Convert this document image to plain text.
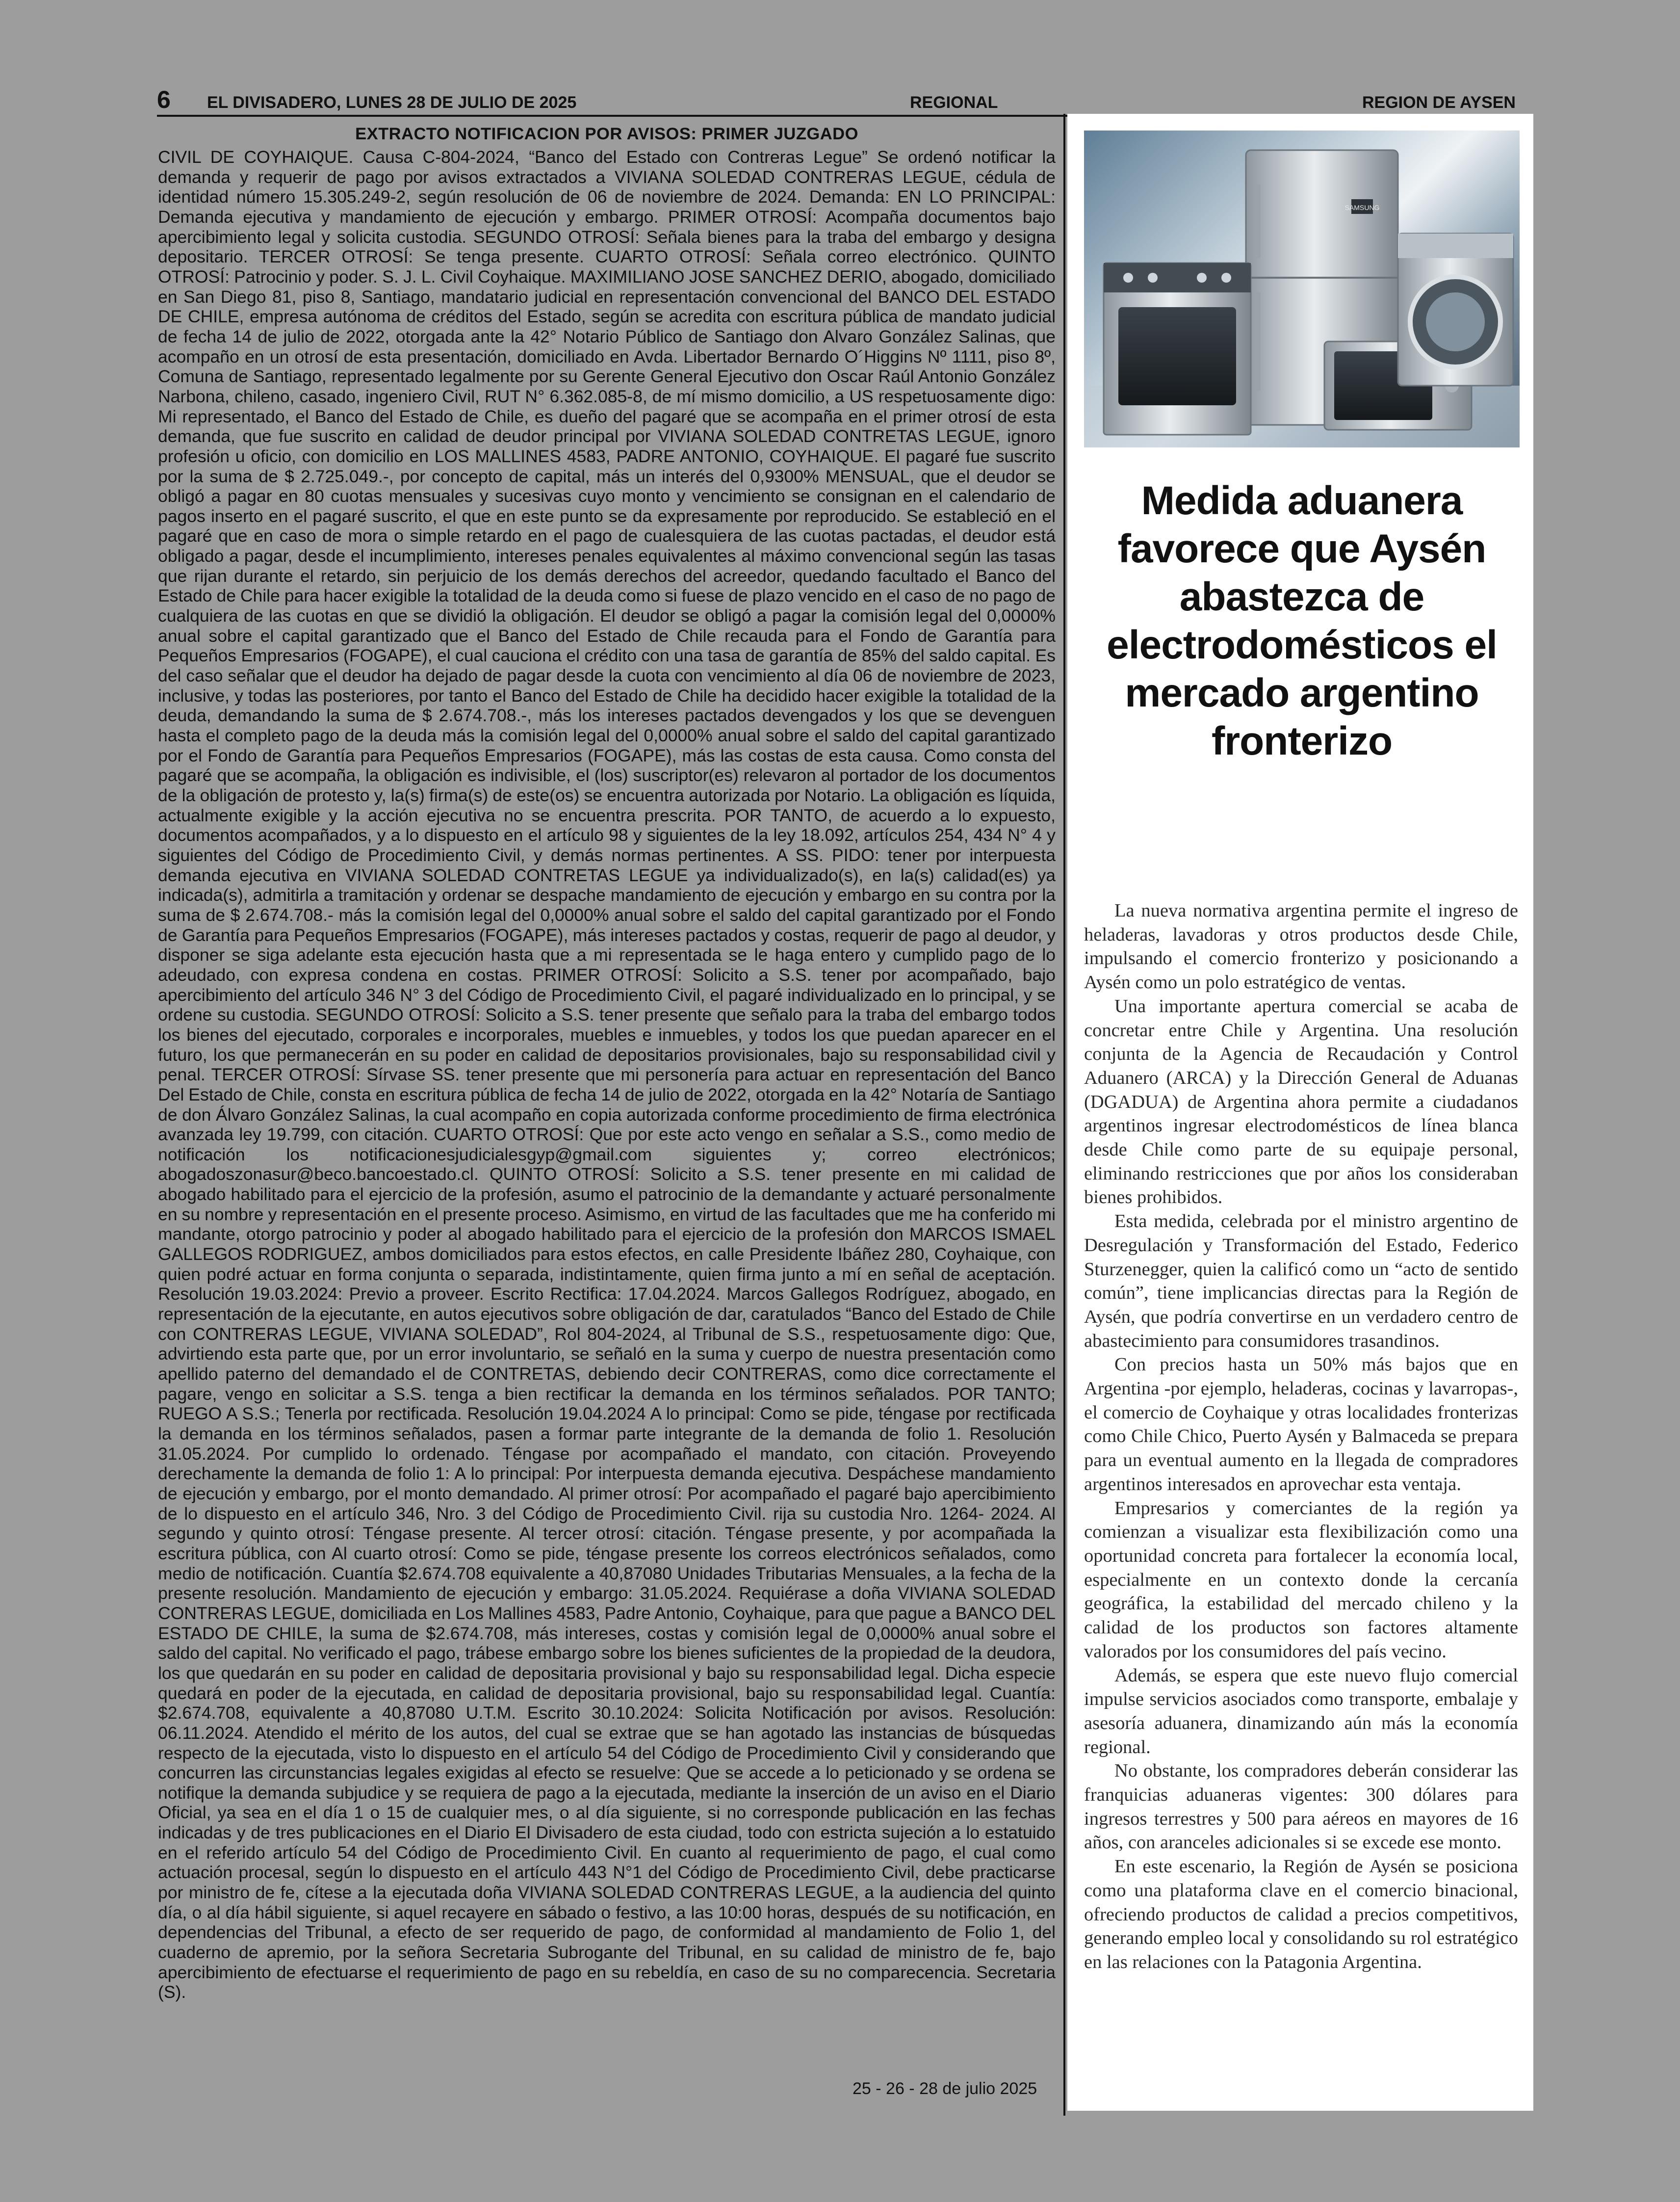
6 EL DIVISADERO, LUNES 28 DE JULIO DE 2025	REGIONAL	REGION DE AYSEN

EXTRACTO NOTIFICACION POR AVISOS: PRIMER JUZGADO

CIVIL DE COYHAIQUE. Causa C-804-2024, “Banco del Estado con Contreras Legue” Se ordenó notificar la demanda y requerir de pago por avisos extractados a VIVIANA SOLEDAD CONTRERAS LEGUE, cédula de identidad número 15.305.249-2, según resolución de 06 de noviembre de 2024. Demanda: EN LO PRINCIPAL: Demanda ejecutiva y mandamiento de ejecución y embargo. PRIMER OTROSÍ: Acompaña documentos bajo apercibimiento legal y solicita custodia. SEGUNDO OTROSÍ: Señala bienes para la traba del embargo y designa depositario. TERCER OTROSÍ: Se tenga presente. CUARTO OTROSÍ: Señala correo electrónico. QUINTO OTROSÍ: Patrocinio y poder. S. J. L. Civil Coyhaique. MAXIMILIANO JOSE SANCHEZ DERIO, abogado, domiciliado en San Diego 81, piso 8, Santiago, mandatario judicial en representación convencional del BANCO DEL ESTADO DE CHILE, empresa autónoma de créditos del Estado, según se acredita con escritura pública de mandato judicial de fecha 14 de julio de 2022, otorgada ante la 42° Notario Público de Santiago don Alvaro González Salinas, que acompaño en un otrosí de esta presentación, domiciliado en Avda. Libertador Bernardo O´Higgins Nº 1111, piso 8º, Comuna de Santiago, representado legalmente por su Gerente General Ejecutivo don Oscar Raúl Antonio González Narbona, chileno, casado, ingeniero Civil, RUT N° 6.362.085-8, de mí mismo domicilio, a US respetuosamente digo: Mi representado, el Banco del Estado de Chile, es dueño del pagaré que se acompaña en el primer otrosí de esta demanda, que fue suscrito en calidad de deudor principal por VIVIANA SOLEDAD CONTRETAS LEGUE, ignoro profesión u oficio, con domicilio en LOS MALLINES 4583, PADRE ANTONIO, COYHAIQUE. El pagaré fue suscrito por la suma de $ 2.725.049.-, por concepto de capital, más un interés del 0,9300% MENSUAL, que el deudor se obligó a pagar en 80 cuotas mensuales y sucesivas cuyo monto y vencimiento se consignan en el calendario de pagos inserto en el pagaré suscrito, el que en este punto se da expresamente por reproducido. Se estableció en el pagaré que en caso de mora o simple retardo en el pago de cualesquiera de las cuotas pactadas, el deudor está obligado a pagar, desde el incumplimiento, intereses penales equivalentes al máximo convencional según las tasas que rijan durante el retardo, sin perjuicio de los demás derechos del acreedor, quedando facultado el Banco del Estado de Chile para hacer exigible la totalidad de la deuda como si fuese de plazo vencido en el caso de no pago de cualquiera de las cuotas en que se dividió la obligación. El deudor se obligó a pagar la comisión legal del 0,0000% anual sobre el capital garantizado que el Banco del Estado de Chile recauda para el Fondo de Garantía para Pequeños Empresarios (FOGAPE), el cual cauciona el crédito con una tasa de garantía de 85% del saldo capital. Es del caso señalar que el deudor ha dejado de pagar desde la cuota con vencimiento al día 06 de noviembre de 2023, inclusive, y todas las posteriores, por tanto el Banco del Estado de Chile ha decidido hacer exigible la totalidad de la deuda, demandando la suma de $ 2.674.708.-, más los intereses pactados devengados y los que se devenguen hasta el completo pago de la deuda más la comisión legal del 0,0000% anual sobre el saldo del capital garantizado por el Fondo de Garantía para Pequeños Empresarios (FOGAPE), más las costas de esta causa. Como consta del pagaré que se acompaña, la obligación es indivisible, el (los) suscriptor(es) relevaron al portador de los documentos de la obligación de protesto y, la(s) firma(s) de este(os) se encuentra autorizada por Notario. La obligación es líquida, actualmente exigible y la acción ejecutiva no se encuentra prescrita. POR TANTO, de acuerdo a lo expuesto, documentos acompañados, y a lo dispuesto en el artículo 98 y siguientes de la ley 18.092, artículos 254, 434 N° 4 y siguientes del Código de Procedimiento Civil, y demás normas pertinentes. A SS. PIDO: tener por interpuesta demanda ejecutiva en VIVIANA SOLEDAD CONTRETAS LEGUE ya individualizado(s), en la(s) calidad(es) ya indicada(s), admitirla a tramitación y ordenar se despache mandamiento de ejecución y embargo en su contra por la suma de $ 2.674.708.- más la comisión legal del 0,0000% anual sobre el saldo del capital garantizado por el Fondo de Garantía para Pequeños Empresarios (FOGAPE), más intereses pactados y costas, requerir de pago al deudor, y disponer se siga adelante esta ejecución hasta que a mi representada se le haga entero y cumplido pago de lo adeudado, con expresa condena en costas. PRIMER OTROSÍ: Solicito a S.S. tener por acompañado, bajo apercibimiento del artículo 346 N° 3 del Código de Procedimiento Civil, el pagaré individualizado en lo principal, y se ordene su custodia. SEGUNDO OTROSÍ: Solicito a S.S. tener presente que señalo para la traba del embargo todos los bienes del ejecutado, corporales e incorporales, muebles e inmuebles, y todos los que puedan aparecer en el futuro, los que permanecerán en su poder en calidad de depositarios provisionales, bajo su responsabilidad civil y penal. TERCER OTROSÍ: Sírvase SS. tener presente que mi personería para actuar en representación del Banco Del Estado de Chile, consta en escritura pública de fecha 14 de julio de 2022, otorgada en la 42° Notaría de Santiago de don Álvaro González Salinas, la cual acompaño en copia autorizada conforme procedimiento de firma electrónica avanzada ley 19.799, con citación. CUARTO OTROSÍ: Que por este acto vengo en señalar a S.S., como medio de notificación los notificacionesjudicialesgyp@gmail.com siguientes y; correo electrónicos; abogadoszonasur@beco.bancoestado.cl. QUINTO OTROSÍ: Solicito a S.S. tener presente en mi calidad de abogado habilitado para el ejercicio de la profesión, asumo el patrocinio de la demandante y actuaré personalmente en su nombre y representación en el presente proceso. Asimismo, en virtud de las facultades que me ha conferido mi mandante, otorgo patrocinio y poder al abogado habilitado para el ejercicio de la profesión don MARCOS ISMAEL GALLEGOS RODRIGUEZ, ambos domiciliados para estos efectos, en calle Presidente Ibáñez 280, Coyhaique, con quien podré actuar en forma conjunta o separada, indistintamente, quien firma junto a mí en señal de aceptación. Resolución 19.03.2024: Previo a proveer. Escrito Rectifica: 17.04.2024. Marcos Gallegos Rodríguez, abogado, en representación de la ejecutante, en autos ejecutivos sobre obligación de dar, caratulados “Banco del Estado de Chile con CONTRERAS LEGUE, VIVIANA SOLEDAD”, Rol 804-2024, al Tribunal de S.S., respetuosamente digo: Que, advirtiendo esta parte que, por un error involuntario, se señaló en la suma y cuerpo de nuestra presentación como apellido paterno del demandado el de CONTRETAS, debiendo decir CONTRERAS, como dice correctamente el pagare, vengo en solicitar a S.S. tenga a bien rectificar la demanda en los términos señalados. POR TANTO; RUEGO A S.S.; Tenerla por rectificada. Resolución 19.04.2024 A lo principal: Como se pide, téngase por rectificada la demanda en los términos señalados, pasen a formar parte integrante de la demanda de folio 1. Resolución 31.05.2024. Por cumplido lo ordenado. Téngase por acompañado el mandato, con citación. Proveyendo derechamente la demanda de folio 1: A lo principal: Por interpuesta demanda ejecutiva. Despáchese mandamiento de ejecución y embargo, por el monto demandado. Al primer otrosí: Por acompañado el pagaré bajo apercibimiento de lo dispuesto en el artículo 346, Nro. 3 del Código de Procedimiento Civil. rija su custodia Nro. 1264- 2024. Al segundo y quinto otrosí: Téngase presente. Al tercer otrosí: citación. Téngase presente, y por acompañada la escritura pública, con Al cuarto otrosí: Como se pide, téngase presente los correos electrónicos señalados, como medio de notificación. Cuantía $2.674.708 equivalente a 40,87080 Unidades Tributarias Mensuales, a la fecha de la presente resolución. Mandamiento de ejecución y embargo: 31.05.2024. Requiérase a doña VIVIANA SOLEDAD CONTRERAS LEGUE, domiciliada en Los Mallines 4583, Padre Antonio, Coyhaique, para que pague a BANCO DEL ESTADO DE CHILE, la suma de $2.674.708, más intereses, costas y comisión legal de 0,0000% anual sobre el saldo del capital. No verificado el pago, trábese embargo sobre los bienes suficientes de la propiedad de la deudora, los que quedarán en su poder en calidad de depositaria provisional y bajo su responsabilidad legal. Dicha especie quedará en poder de la ejecutada, en calidad de depositaria provisional, bajo su responsabilidad legal. Cuantía: $2.674.708, equivalente a 40,87080 U.T.M. Escrito 30.10.2024: Solicita Notificación por avisos. Resolución: 06.11.2024. Atendido el mérito de los autos, del cual se extrae que se han agotado las instancias de búsquedas respecto de la ejecutada, visto lo dispuesto en el artículo 54 del Código de Procedimiento Civil y considerando que concurren las circunstancias legales exigidas al efecto se resuelve: Que se accede a lo peticionado y se ordena se notifique la demanda subjudice y se requiera de pago a la ejecutada, mediante la inserción de un aviso en el Diario Oficial, ya sea en el día 1 o 15 de cualquier mes, o al día siguiente, si no corresponde publicación en las fechas indicadas y de tres publicaciones en el Diario El Divisadero de esta ciudad, todo con estricta sujeción a lo estatuido en el referido artículo 54 del Código de Procedimiento Civil. En cuanto al requerimiento de pago, el cual como actuación procesal, según lo dispuesto en el artículo 443 N°1 del Código de Procedimiento Civil, debe practicarse por ministro de fe, cítese a la ejecutada doña VIVIANA SOLEDAD CONTRERAS LEGUE, a la audiencia del quinto día, o al día hábil siguiente, si aquel recayere en sábado o festivo, a las 10:00 horas, después de su notificación, en dependencias del Tribunal, a efecto de ser requerido de pago, de conformidad al mandamiento de Folio 1, del cuaderno de apremio, por la señora Secretaria Subrogante del Tribunal, en su calidad de ministro de fe, bajo apercibimiento de efectuarse el requerimiento de pago en su rebeldía, en caso de su no comparecencia. Secretaria (S).

25 - 26 - 28 de julio 2025
SAMSUNG
Medida aduanera favorece que Aysén abastezca de electrodomésticos el mercado argentino fronterizo

La nueva normativa argentina permite el ingreso de heladeras, lavadoras y otros productos desde Chile, impulsando el comercio fronterizo y posicionando a Aysén como un polo estratégico de ventas.

Una importante apertura comercial se acaba de concretar entre Chile y Argentina. Una resolución conjunta de la Agencia de Recaudación y Control Aduanero (ARCA) y la Dirección General de Aduanas (DGADUA) de Argentina ahora permite a ciudadanos argentinos ingresar electrodomésticos de línea blanca desde Chile como parte de su equipaje personal, eliminando restricciones que por años los consideraban bienes prohibidos.

Esta medida, celebrada por el ministro argentino de Desregulación y Transformación del Estado, Federico Sturzenegger, quien la calificó como un “acto de sentido común”, tiene implicancias directas para la Región de Aysén, que podría convertirse en un verdadero centro de abastecimiento para consumidores trasandinos.

Con precios hasta un 50% más bajos que en Argentina -por ejemplo, heladeras, cocinas y lavarropas-, el comercio de Coyhaique y otras localidades fronterizas como Chile Chico, Puerto Aysén y Balmaceda se prepara para un eventual aumento en la llegada de compradores argentinos interesados en aprovechar esta ventaja.

Empresarios y comerciantes de la región ya comienzan a visualizar esta flexibilización como una oportunidad concreta para fortalecer la economía local, especialmente en un contexto donde la cercanía geográfica, la estabilidad del mercado chileno y la calidad de los productos son factores altamente valorados por los consumidores del país vecino.

Además, se espera que este nuevo flujo comercial impulse servicios asociados como transporte, embalaje y asesoría aduanera, dinamizando aún más la economía regional.

No obstante, los compradores deberán considerar las franquicias aduaneras vigentes: 300 dólares para ingresos terrestres y 500 para aéreos en mayores de 16 años, con aranceles adicionales si se excede ese monto.

En este escenario, la Región de Aysén se posiciona como una plataforma clave en el comercio binacional, ofreciendo productos de calidad a precios competitivos, generando empleo local y consolidando su rol estratégico en las relaciones con la Patagonia Argentina.
